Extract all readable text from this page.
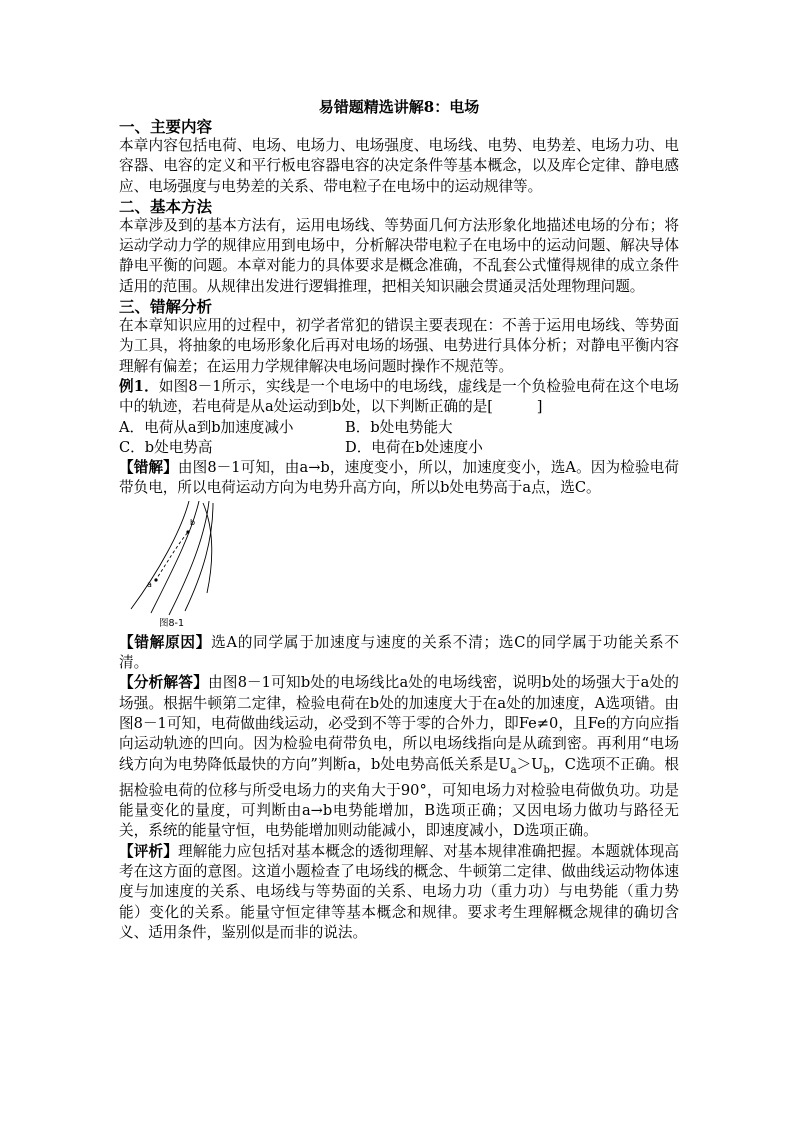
易错题精选讲解8：电场

一、主要内容

本章内容包括电荷、电场、电场力、电场强度、电场线、电势、电势差、电场力功、电容器、电容的定义和平行板电容器电容的决定条件等基本概念，以及库仑定律、静电感应、电场强度与电势差的关系、带电粒子在电场中的运动规律等。

二、基本方法

本章涉及到的基本方法有，运用电场线、等势面几何方法形象化地描述电场的分布；将运动学动力学的规律应用到电场中，分析解决带电粒子在电场中的运动问题、解决导体静电平衡的问题。本章对能力的具体要求是概念准确，不乱套公式懂得规律的成立条件适用的范围。从规律出发进行逻辑推理，把相关知识融会贯通灵活处理物理问题。

三、错解分析

在本章知识应用的过程中，初学者常犯的错误主要表现在：不善于运用电场线、等势面为工具，将抽象的电场形象化后再对电场的场强、电势进行具体分析；对静电平衡内容理解有偏差；在运用力学规律解决电场问题时操作不规范等。

例1．如图8－1所示，实线是一个电场中的电场线，虚线是一个负检验电荷在这个电场中的轨迹，若电荷是从a处运动到b处，以下判断正确的是[　　　]

A．电荷从a到b加速度减小	B．b处电势能大
C．b处电势高	D．电荷在b处速度小

【错解】由图8－1可知，由a→b，速度变小，所以，加速度变小，选A。因为检验电荷带负电，所以电荷运动方向为电势升高方向，所以b处电势高于a点，选C。

a
b
图8-1

【错解原因】选A的同学属于加速度与速度的关系不清；选C的同学属于功能关系不清。

【分析解答】由图8－1可知b处的电场线比a处的电场线密，说明b处的场强大于a处的场强。根据牛顿第二定律，检验电荷在b处的加速度大于在a处的加速度，A选项错。由图8－1可知，电荷做曲线运动，必受到不等于零的合外力，即Fe≠0，且Fe的方向应指向运动轨迹的凹向。因为检验电荷带负电，所以电场线指向是从疏到密。再利用“电场线方向为电势降低最快的方向”判断a，b处电势高低关系是$U_a>U_b$，C选项不正确。根据检验电荷的位移与所受电场力的夹角大于90°，可知电场力对检验电荷做负功。功是能量变化的量度，可判断由a→b电势能增加，B选项正确；又因电场力做功与路径无关，系统的能量守恒，电势能增加则动能减小，即速度减小，D选项正确。

【评析】理解能力应包括对基本概念的透彻理解、对基本规律准确把握。本题就体现高考在这方面的意图。这道小题检查了电场线的概念、牛顿第二定律、做曲线运动物体速度与加速度的关系、电场线与等势面的关系、电场力功（重力功）与电势能（重力势能）变化的关系。能量守恒定律等基本概念和规律。要求考生理解概念规律的确切含义、适用条件，鉴别似是而非的说法。
